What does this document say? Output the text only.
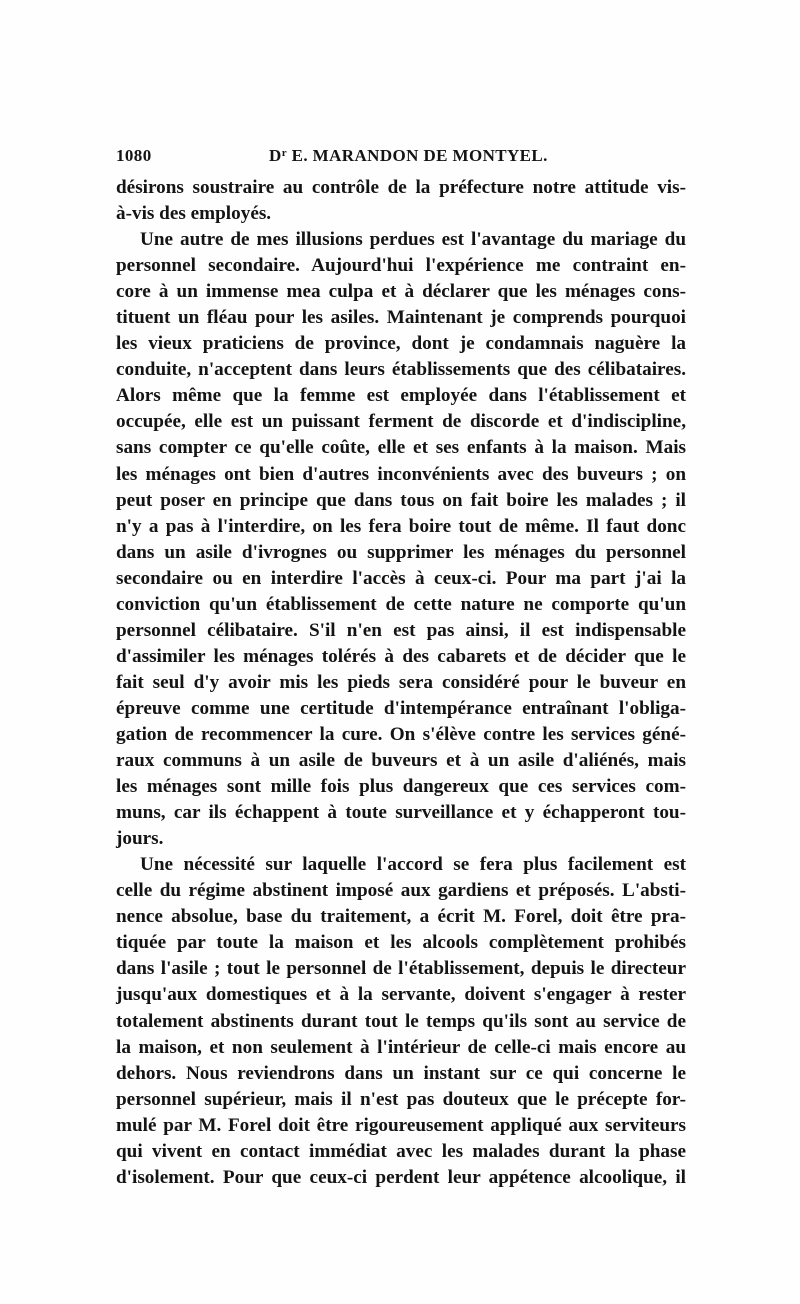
1080	$D^r$ E. MARANDON DE MONTYEL.
désirons soustraire au contrôle de la préfecture notre attitude vis-
à-vis des employés.
Une autre de mes illusions perdues est l'avantage du mariage du
personnel secondaire. Aujourd'hui l'expérience me contraint en-
core à un immense mea culpa et à déclarer que les ménages cons-
tituent un fléau pour les asiles. Maintenant je comprends pourquoi
les vieux praticiens de province, dont je condamnais naguère la
conduite, n'acceptent dans leurs établissements que des célibataires.
Alors même que la femme est employée dans l'établissement et
occupée, elle est un puissant ferment de discorde et d'indiscipline,
sans compter ce qu'elle coûte, elle et ses enfants à la maison. Mais
les ménages ont bien d'autres inconvénients avec des buveurs ; on
peut poser en principe que dans tous on fait boire les malades ; il
n'y a pas à l'interdire, on les fera boire tout de même. Il faut donc
dans un asile d'ivrognes ou supprimer les ménages du personnel
secondaire ou en interdire l'accès à ceux-ci. Pour ma part j'ai la
conviction qu'un établissement de cette nature ne comporte qu'un
personnel célibataire. S'il n'en est pas ainsi, il est indispensable
d'assimiler les ménages tolérés à des cabarets et de décider que le
fait seul d'y avoir mis les pieds sera considéré pour le buveur en
épreuve comme une certitude d'intempérance entraînant l'obliga-
gation de recommencer la cure. On s'élève contre les services géné-
raux communs à un asile de buveurs et à un asile d'aliénés, mais
les ménages sont mille fois plus dangereux que ces services com-
muns, car ils échappent à toute surveillance et y échapperont tou-
jours.
Une nécessité sur laquelle l'accord se fera plus facilement est
celle du régime abstinent imposé aux gardiens et préposés. L'absti-
nence absolue, base du traitement, a écrit M. Forel, doit être pra-
tiquée par toute la maison et les alcools complètement prohibés
dans l'asile ; tout le personnel de l'établissement, depuis le directeur
jusqu'aux domestiques et à la servante, doivent s'engager à rester
totalement abstinents durant tout le temps qu'ils sont au service de
la maison, et non seulement à l'intérieur de celle-ci mais encore au
dehors. Nous reviendrons dans un instant sur ce qui concerne le
personnel supérieur, mais il n'est pas douteux que le précepte for-
mulé par M. Forel doit être rigoureusement appliqué aux serviteurs
qui vivent en contact immédiat avec les malades durant la phase
d'isolement. Pour que ceux-ci perdent leur appétence alcoolique, il
